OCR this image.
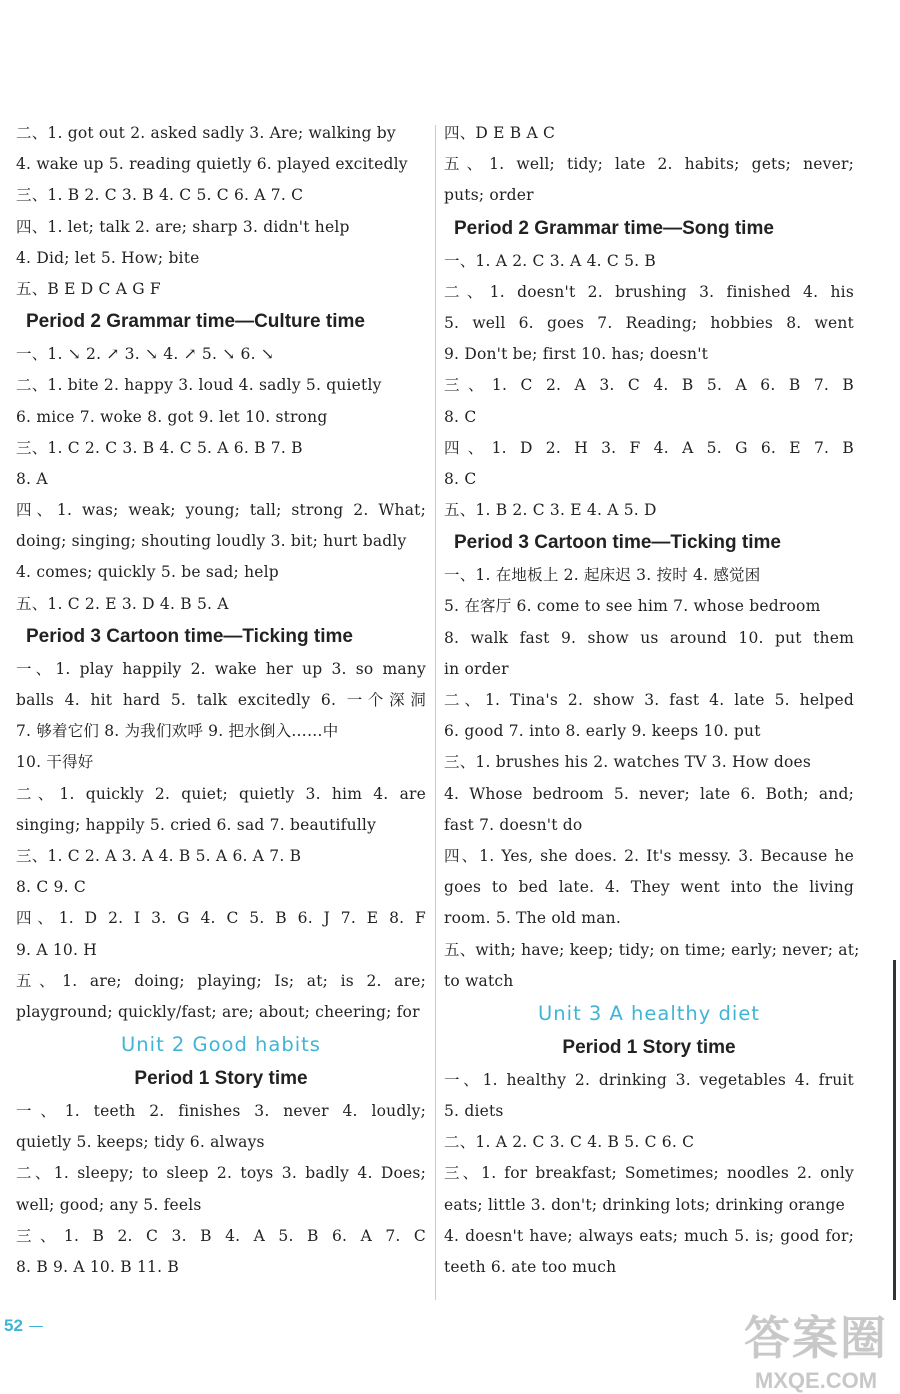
二、1. got out 2. asked sadly 3. Are; walking by
4. wake up 5. reading quietly 6. played excitedly
三、1. B 2. C 3. B 4. C 5. C 6. A 7. C
四、1. let; talk 2. are; sharp 3. didn't help
4. Did; let 5. How; bite
五、B E D C A G F
Period 2 Grammar time—Culture time
一、1. ↘ 2. ↗ 3. ↘ 4. ↗ 5. ↘ 6. ↘
二、1. bite 2. happy 3. loud 4. sadly 5. quietly
6. mice 7. woke 8. got 9. let 10. strong
三、1. C 2. C 3. B 4. C 5. A 6. B 7. B
8. A
四、1. was; weak; young; tall; strong 2. What;
doing; singing; shouting loudly 3. bit; hurt badly
4. comes; quickly 5. be sad; help
五、1. C 2. E 3. D 4. B 5. A
Period 3 Cartoon time—Ticking time
一、1. play happily 2. wake her up 3. so many
balls 4. hit hard 5. talk excitedly 6. 一个深洞
7. 够着它们 8. 为我们欢呼 9. 把水倒入……中
10. 干得好
二、1. quickly 2. quiet; quietly 3. him 4. are
singing; happily 5. cried 6. sad 7. beautifully
三、1. C 2. A 3. A 4. B 5. A 6. A 7. B
8. C 9. C
四、1. D 2. I 3. G 4. C 5. B 6. J 7. E 8. F
9. A 10. H
五、1. are; doing; playing; Is; at; is 2. are;
playground; quickly/fast; are; about; cheering; for
Unit 2 Good habits
Period 1 Story time
一、1. teeth 2. finishes 3. never 4. loudly;
quietly 5. keeps; tidy 6. always
二、1. sleepy; to sleep 2. toys 3. badly 4. Does;
well; good; any 5. feels
三、1. B 2. C 3. B 4. A 5. B 6. A 7. C
8. B 9. A 10. B 11. B
四、D E B A C
五、1. well; tidy; late 2. habits; gets; never;
puts; order
Period 2 Grammar time—Song time
一、1. A 2. C 3. A 4. C 5. B
二、1. doesn't 2. brushing 3. finished 4. his
5. well 6. goes 7. Reading; hobbies 8. went
9. Don't be; first 10. has; doesn't
三、1. C 2. A 3. C 4. B 5. A 6. B 7. B
8. C
四、1. D 2. H 3. F 4. A 5. G 6. E 7. B
8. C
五、1. B 2. C 3. E 4. A 5. D
Period 3 Cartoon time—Ticking time
一、1. 在地板上 2. 起床迟 3. 按时 4. 感觉困
5. 在客厅 6. come to see him 7. whose bedroom
8. walk fast 9. show us around 10. put them
in order
二、1. Tina's 2. show 3. fast 4. late 5. helped
6. good 7. into 8. early 9. keeps 10. put
三、1. brushes his 2. watches TV 3. How does
4. Whose bedroom 5. never; late 6. Both; and;
fast 7. doesn't do
四、1. Yes, she does. 2. It's messy. 3. Because he
goes to bed late. 4. They went into the living
room. 5. The old man.
五、with; have; keep; tidy; on time; early; never; at;
to watch
Unit 3 A healthy diet
Period 1 Story time
一、1. healthy 2. drinking 3. vegetables 4. fruit
5. diets
二、1. A 2. C 3. C 4. B 5. C 6. C
三、1. for breakfast; Sometimes; noodles 2. only
eats; little 3. don't; drinking lots; drinking orange
4. doesn't have; always eats; much 5. is; good for;
teeth 6. ate too much
52	答案圈
MXQE.COM
